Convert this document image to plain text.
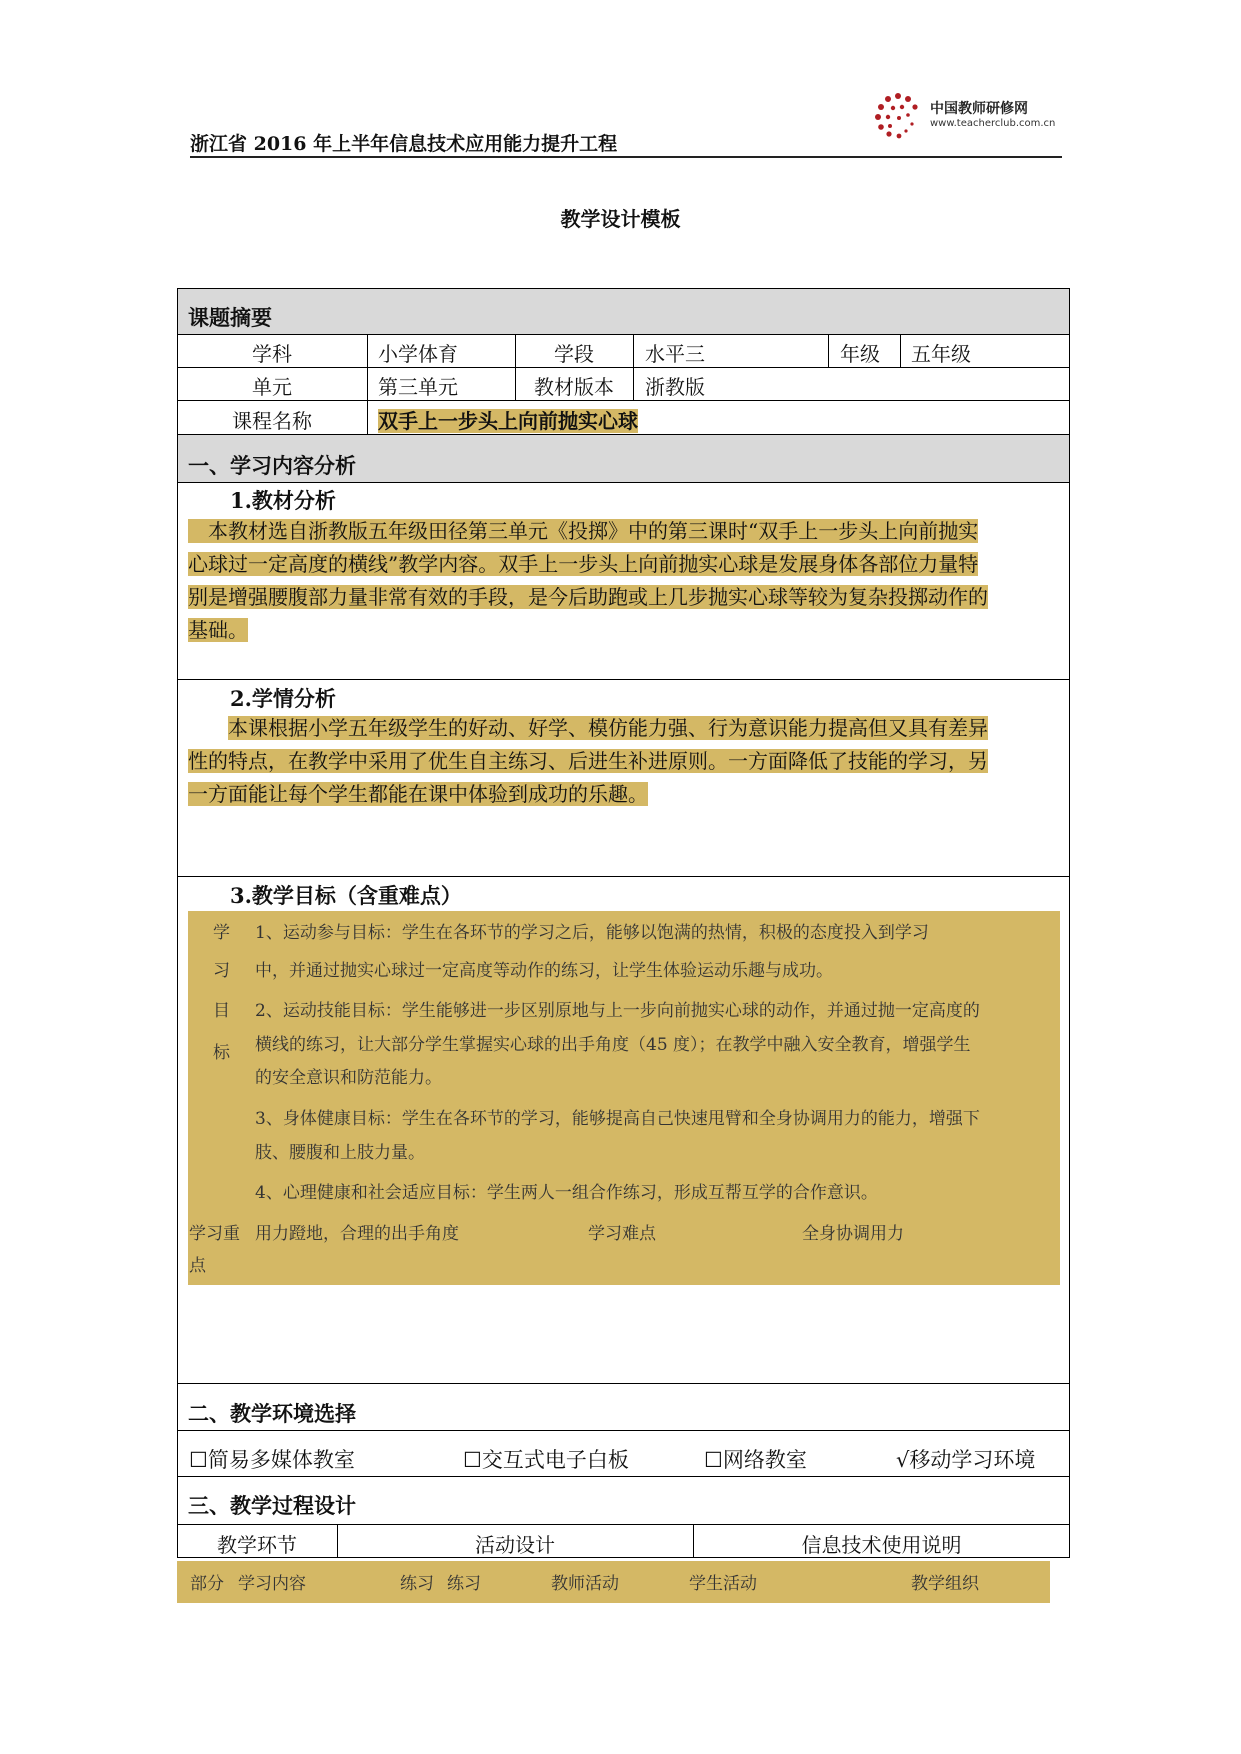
浙江省 2016 年上半年信息技术应用能力提升工程
中国教师研修网
www.teacherclub.com.cn
教学设计模板
课题摘要
学科	小学体育	学段	水平三	年级 五年级
单元	第三单元	教材版本	浙教版
课程名称	双手上一步头上向前抛实心球
一、学习内容分析
1.教材分析
　本教材选自浙教版五年级田径第三单元《投掷》中的第三课时“双手上一步头上向前抛实
心球过一定高度的横线”教学内容。双手上一步头上向前抛实心球是发展身体各部位力量特
别是增强腰腹部力量非常有效的手段，是今后助跑或上几步抛实心球等较为复杂投掷动作的
基础。
2.学情分析
　　本课根据小学五年级学生的好动、好学、模仿能力强、行为意识能力提高但又具有差异
性的特点，在教学中采用了优生自主练习、后进生补进原则。一方面降低了技能的学习，另
一方面能让每个学生都能在课中体验到成功的乐趣。
3.教学目标（含重难点）
学
习
目
标
1、运动参与目标：学生在各环节的学习之后，能够以饱满的热情，积极的态度投入到学习
中，并通过抛实心球过一定高度等动作的练习，让学生体验运动乐趣与成功。
2、运动技能目标：学生能够进一步区别原地与上一步向前抛实心球的动作，并通过抛一定高度的
横线的练习，让大部分学生掌握实心球的出手角度（45 度）；在教学中融入安全教育，增强学生
的安全意识和防范能力。
3、身体健康目标：学生在各环节的学习，能够提高自己快速甩臂和全身协调用力的能力，增强下
肢、腰腹和上肢力量。
4、心理健康和社会适应目标：学生两人一组合作练习，形成互帮互学的合作意识。
学习重
点
用力蹬地，合理的出手角度	学习难点	全身协调用力
二、教学环境选择
☐简易多媒体教室	☐交互式电子白板	☐网络教室	√移动学习环境
三、教学过程设计
教学环节	活动设计	信息技术使用说明
部分 学习内容	练习 练习	教师活动	学生活动	教学组织
